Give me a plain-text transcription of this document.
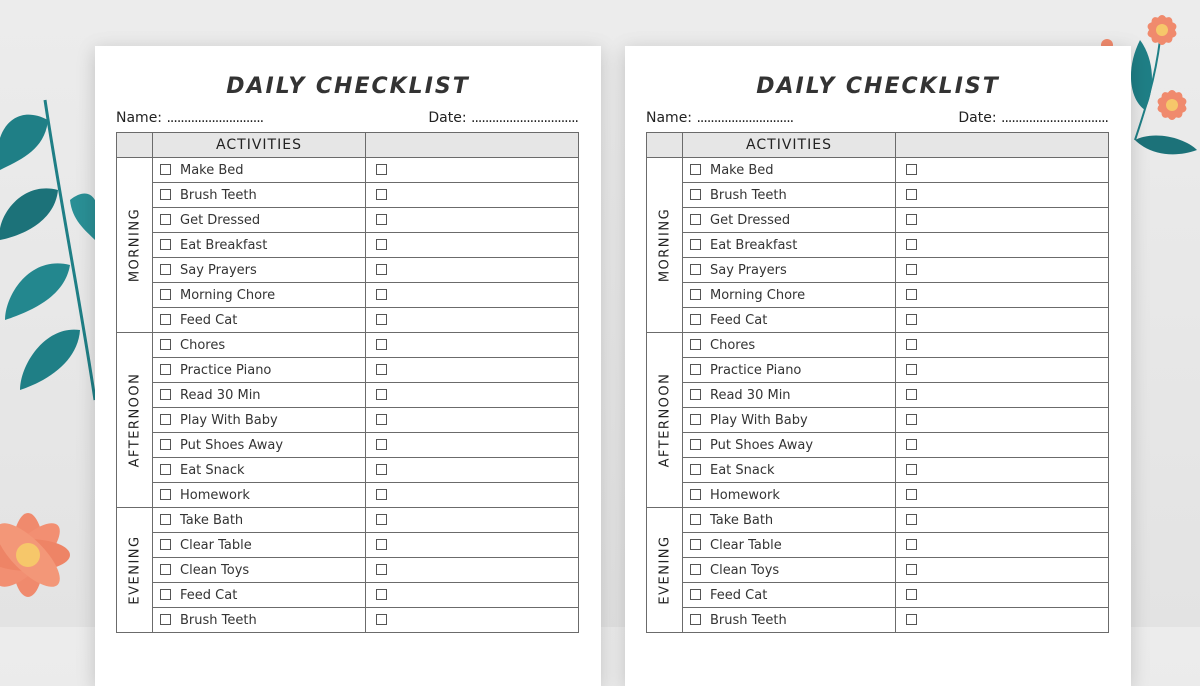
DAILY CHECKLIST
Name: ............................	Date: ...............................
	ACTIVITIES	

MORNING	Make Bed	
	Brush Teeth	
	Get Dressed	
	Eat Breakfast	
	Say Prayers	
	Morning Chore	
	Feed Cat	

AFTERNOON	Chores	
	Practice Piano	
	Read 30 Min	
	Play With Baby	
	Put Shoes Away	
	Eat Snack	
	Homework	

EVENING	Take Bath	
	Clear Table	
	Clean Toys	
	Feed Cat	
	Brush Teeth	
DAILY CHECKLIST
Name: ............................	Date: ...............................
	ACTIVITIES	

MORNING	Make Bed	
	Brush Teeth	
	Get Dressed	
	Eat Breakfast	
	Say Prayers	
	Morning Chore	
	Feed Cat	

AFTERNOON	Chores	
	Practice Piano	
	Read 30 Min	
	Play With Baby	
	Put Shoes Away	
	Eat Snack	
	Homework	

EVENING	Take Bath	
	Clear Table	
	Clean Toys	
	Feed Cat	
	Brush Teeth	
